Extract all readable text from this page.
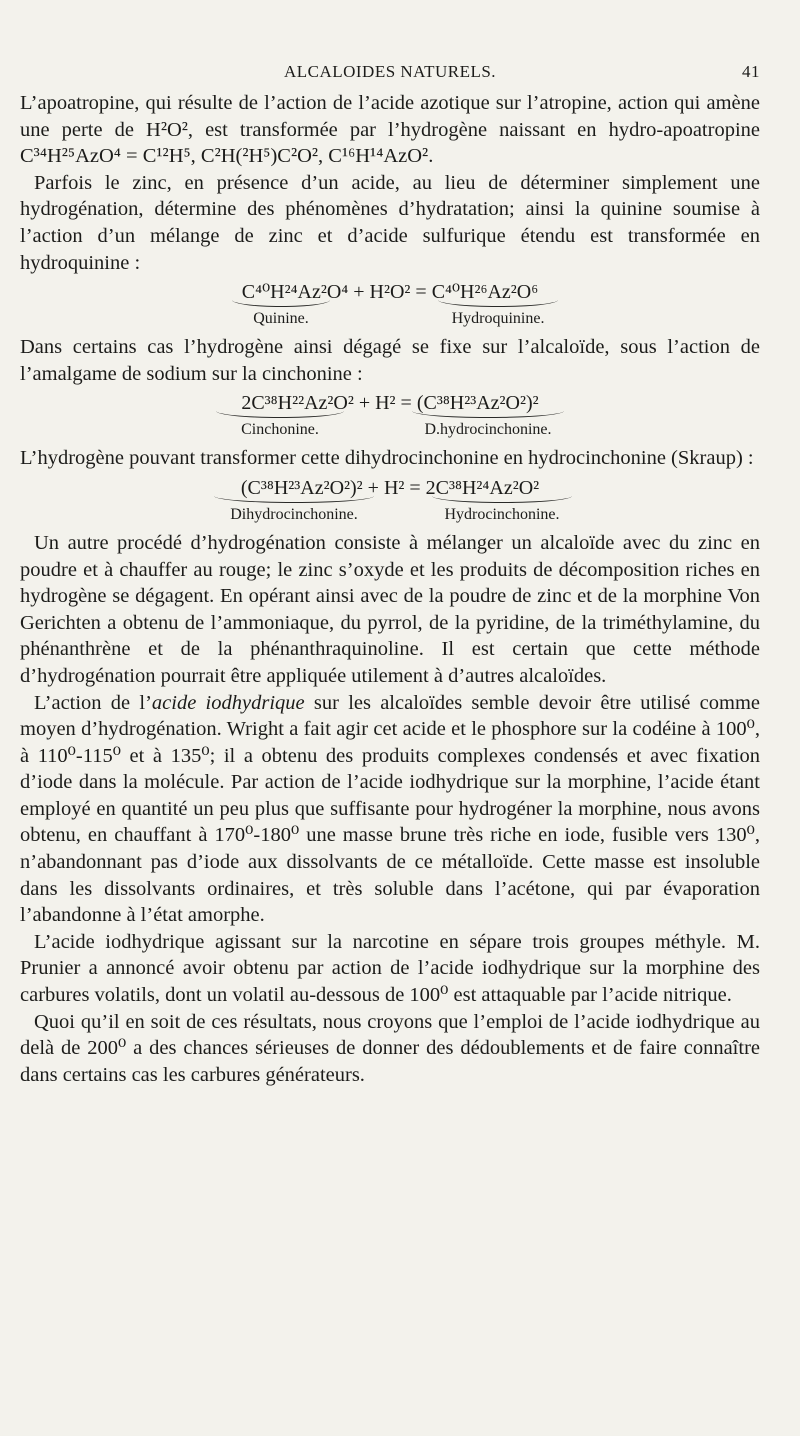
ALCALOIDES NATURELS.	41

L’apoatropine, qui résulte de l’action de l’acide azotique sur l’atropine, action qui amène une perte de H²O², est transformée par l’hydrogène naissant en hydro-apoatropine C³⁴H²⁵AzO⁴ = C¹²H⁵, C²H(²H⁵)C²O², C¹⁶H¹⁴AzO².

Parfois le zinc, en présence d’un acide, au lieu de déterminer simplement une hydrogénation, détermine des phénomènes d’hydratation; ainsi la quinine soumise à l’action d’un mélange de zinc et d’acide sulfurique étendu est transformée en hydroquinine :

C⁴⁰H²⁴Az²O⁴ + H²O² = C⁴⁰H²⁶Az²O⁶
Quinine.	Hydroquinine.

Dans certains cas l’hydrogène ainsi dégagé se fixe sur l’alcaloïde, sous l’action de l’amalgame de sodium sur la cinchonine :

2C³⁸H²²Az²O² + H² = (C³⁸H²³Az²O²)²
Cinchonine.	D.hydrocinchonine.

L’hydrogène pouvant transformer cette dihydrocinchonine en hydrocinchonine (Skraup) :

(C³⁸H²³Az²O²)² + H² = 2C³⁸H²⁴Az²O²
Dihydrocinchonine.	Hydrocinchonine.

Un autre procédé d’hydrogénation consiste à mélanger un alcaloïde avec du zinc en poudre et à chauffer au rouge; le zinc s’oxyde et les produits de décomposition riches en hydrogène se dégagent. En opérant ainsi avec de la poudre de zinc et de la morphine Von Gerichten a obtenu de l’ammoniaque, du pyrrol, de la pyridine, de la triméthylamine, du phénanthrène et de la phénanthraquinoline. Il est certain que cette méthode d’hydrogénation pourrait être appliquée utilement à d’autres alcaloïdes.

L’action de l’acide iodhydrique sur les alcaloïdes semble devoir être utilisé comme moyen d’hydrogénation. Wright a fait agir cet acide et le phosphore sur la codéine à 100⁰, à 110⁰-115⁰ et à 135⁰; il a obtenu des produits complexes condensés et avec fixation d’iode dans la molécule. Par action de l’acide iodhydrique sur la morphine, l’acide étant employé en quantité un peu plus que suffisante pour hydrogéner la morphine, nous avons obtenu, en chauffant à 170⁰-180⁰ une masse brune très riche en iode, fusible vers 130⁰, n’abandonnant pas d’iode aux dissolvants de ce métalloïde. Cette masse est insoluble dans les dissolvants ordinaires, et très soluble dans l’acétone, qui par évaporation l’abandonne à l’état amorphe.

L’acide iodhydrique agissant sur la narcotine en sépare trois groupes méthyle. M. Prunier a annoncé avoir obtenu par action de l’acide iodhydrique sur la morphine des carbures volatils, dont un volatil au-dessous de 100⁰ est attaquable par l’acide nitrique.

Quoi qu’il en soit de ces résultats, nous croyons que l’emploi de l’acide iodhydrique au delà de 200⁰ a des chances sérieuses de donner des dédoublements et de faire connaître dans certains cas les carbures générateurs.
